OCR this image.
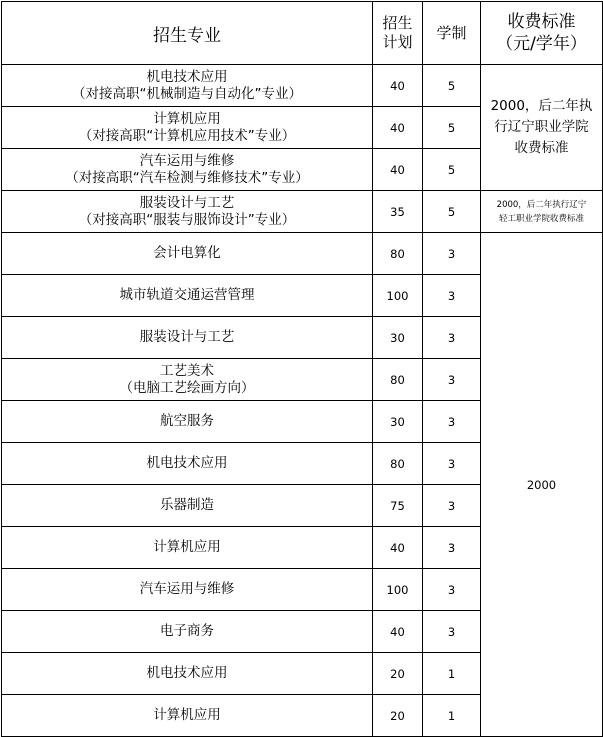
招生专业	招生
计划	学制	收费标准
（元/学年）

机电技术应用
（对接高职“机械制造与自动化”专业）	40	5	2000，后二年执
行辽宁职业学院
收费标准

计算机应用
（对接高职“计算机应用技术”专业）	40	5	

汽车运用与维修
（对接高职“汽车检测与维修技术”专业）	40	5	

服装设计与工艺
（对接高职“服装与服饰设计”专业）	35	5	2000，后二年执行辽宁
轻工职业学院收费标准

会计电算化	80	3	2000
城市轨道交通运营管理	100	3	
服装设计与工艺	30	3	

工艺美术
（电脑工艺绘画方向）	80	3	
航空服务	30	3	
机电技术应用	80	3	
乐器制造	75	3	
计算机应用	40	3	
汽车运用与维修	100	3	
电子商务	40	3	
机电技术应用	20	1	
计算机应用	20	1	
